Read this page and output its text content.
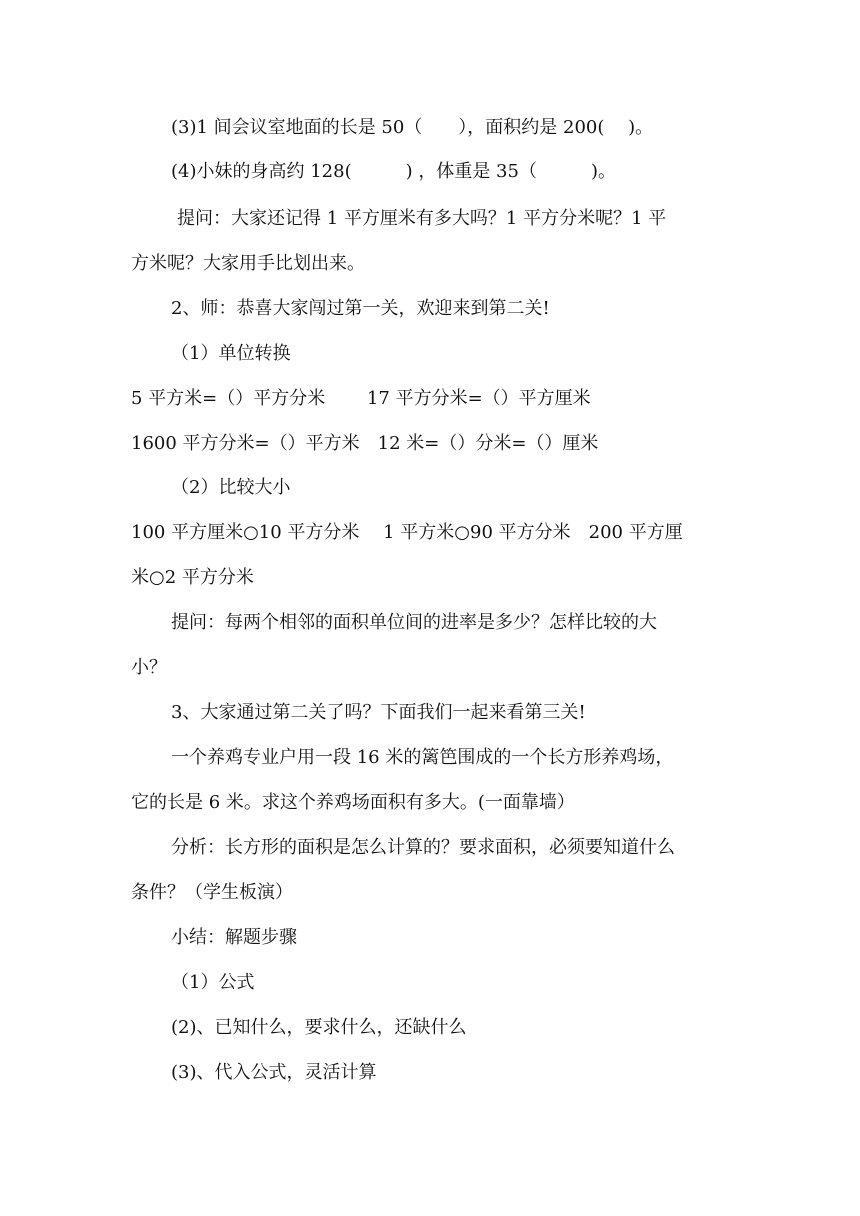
(3)1 间会议室地面的长是 50（　　），面积约是 200(　 )。
(4)小妹的身高约 128(　　　) ，体重是 35（　　　)。
提问：大家还记得 1 平方厘米有多大吗？1 平方分米呢？1 平
方米呢？大家用手比划出来。
2、师：恭喜大家闯过第一关，欢迎来到第二关!
（1）单位转换
5 平方米=（）平方分米　　 17 平方分米=（）平方厘米
1600 平方分米=（）平方米　12 米=（）分米=（）厘米
（2）比较大小
100 平方厘米○10 平方分米　 1 平方米○90 平方分米　200 平方厘
米○2 平方分米
提问：每两个相邻的面积单位间的进率是多少？怎样比较的大
小？
3、大家通过第二关了吗？下面我们一起来看第三关!
一个养鸡专业户用一段 16 米的篱笆围成的一个长方形养鸡场，
它的长是 6 米。求这个养鸡场面积有多大。(一面靠墙）
分析：长方形的面积是怎么计算的？要求面积，必须要知道什么
条件？（学生板演）
小结：解题步骤
（1）公式
(2)、已知什么，要求什么，还缺什么
(3)、代入公式，灵活计算
